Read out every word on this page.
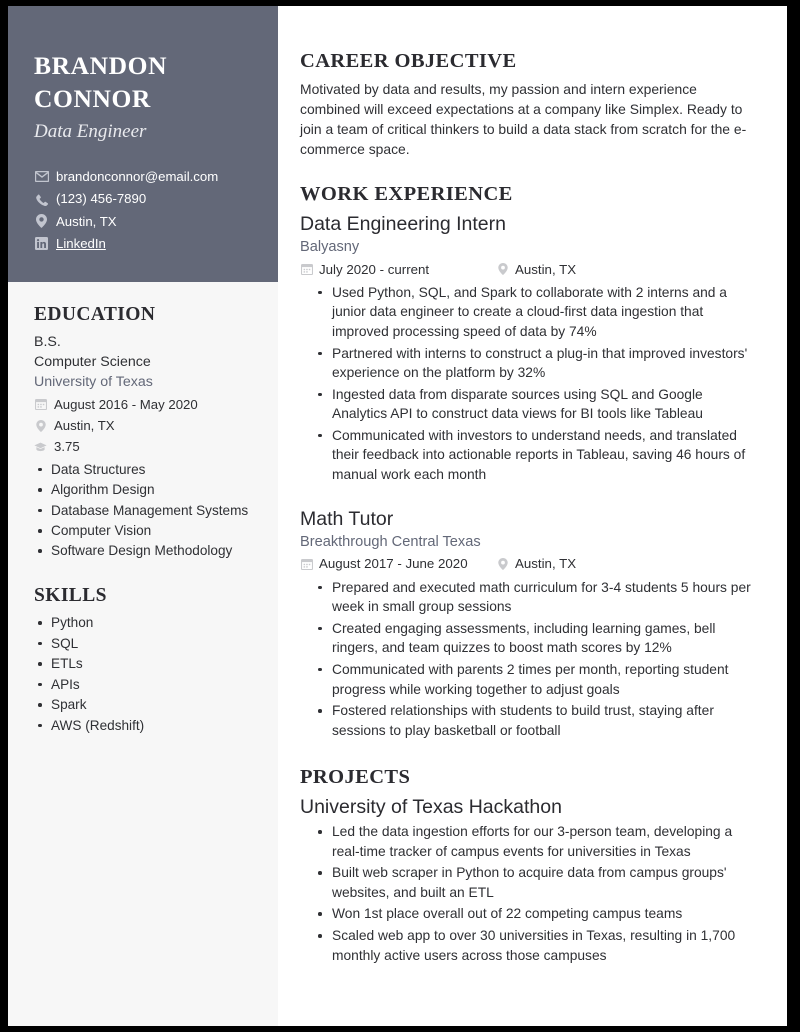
BRANDON
CONNOR
Data Engineer
brandonconnor@email.com
(123) 456-7890
Austin, TX
LinkedIn
EDUCATION
B.S.
Computer Science
University of Texas
August 2016 - May 2020
Austin, TX
3.75
Data Structures
Algorithm Design
Database Management Systems
Computer Vision
Software Design Methodology
SKILLS
Python
SQL
ETLs
APIs
Spark
AWS (Redshift)
CAREER OBJECTIVE

Motivated by data and results, my passion and intern experience combined will exceed expectations at a company like Simplex. Ready to join a team of critical thinkers to build a data stack from scratch for the e-commerce space.

WORK EXPERIENCE
Data Engineering Intern
Balyasny
July 2020 - current	Austin, TX
Used Python, SQL, and Spark to collaborate with 2 interns and a junior data engineer to create a cloud-first data ingestion that improved processing speed of data by 74%
Partnered with interns to construct a plug-in that improved investors' experience on the platform by 32%
Ingested data from disparate sources using SQL and Google Analytics API to construct data views for BI tools like Tableau
Communicated with investors to understand needs, and translated their feedback into actionable reports in Tableau, saving 46 hours of manual work each month
Math Tutor
Breakthrough Central Texas
August 2017 - June 2020	Austin, TX
Prepared and executed math curriculum for 3-4 students 5 hours per week in small group sessions
Created engaging assessments, including learning games, bell ringers, and team quizzes to boost math scores by 12%
Communicated with parents 2 times per month, reporting student progress while working together to adjust goals
Fostered relationships with students to build trust, staying after sessions to play basketball or football
PROJECTS
University of Texas Hackathon
Led the data ingestion efforts for our 3-person team, developing a real-time tracker of campus events for universities in Texas
Built web scraper in Python to acquire data from campus groups' websites, and built an ETL
Won 1st place overall out of 22 competing campus teams
Scaled web app to over 30 universities in Texas, resulting in 1,700 monthly active users across those campuses
